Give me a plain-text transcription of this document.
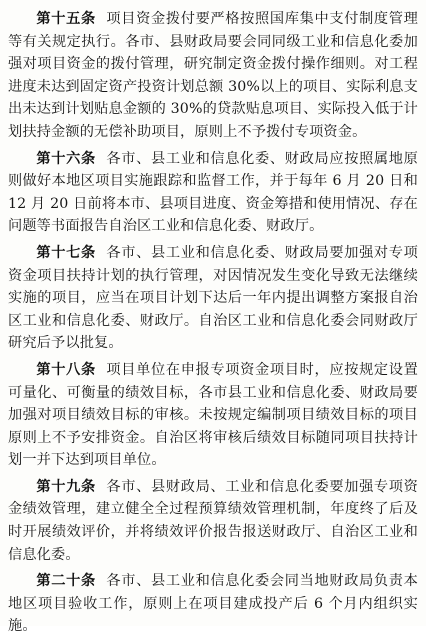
第十五条 项目资金拨付要严格按照国库集中支付制度管理等有关规定执行。各市、县财政局要会同同级工业和信息化委加强对项目资金的拨付管理，研究制定资金拨付操作细则。对工程进度未达到固定资产投资计划总额 30%以上的项目、实际利息支出未达到计划贴息金额的 30%的贷款贴息项目、实际投入低于计划扶持金额的无偿补助项目，原则上不予拨付专项资金。

第十六条 各市、县工业和信息化委、财政局应按照属地原则做好本地区项目实施跟踪和监督工作，并于每年 6 月 20 日和 12 月 20 日前将本市、县项目进度、资金筹措和使用情况、存在问题等书面报告自治区工业和信息化委、财政厅。

第十七条 各市、县工业和信息化委、财政局要加强对专项资金项目扶持计划的执行管理，对因情况发生变化导致无法继续实施的项目，应当在项目计划下达后一年内提出调整方案报自治区工业和信息化委、财政厅。自治区工业和信息化委会同财政厅研究后予以批复。

第十八条 项目单位在申报专项资金项目时，应按规定设置可量化、可衡量的绩效目标，各市县工业和信息化委、财政局要加强对项目绩效目标的审核。未按规定编制项目绩效目标的项目原则上不予安排资金。自治区将审核后绩效目标随同项目扶持计划一并下达到项目单位。

第十九条 各市、县财政局、工业和信息化委要加强专项资金绩效管理，建立健全全过程预算绩效管理机制，年度终了后及时开展绩效评价，并将绩效评价报告报送财政厅、自治区工业和信息化委。

第二十条 各市、县工业和信息化委会同当地财政局负责本地区项目验收工作，原则上在项目建成投产后 6 个月内组织实施。
